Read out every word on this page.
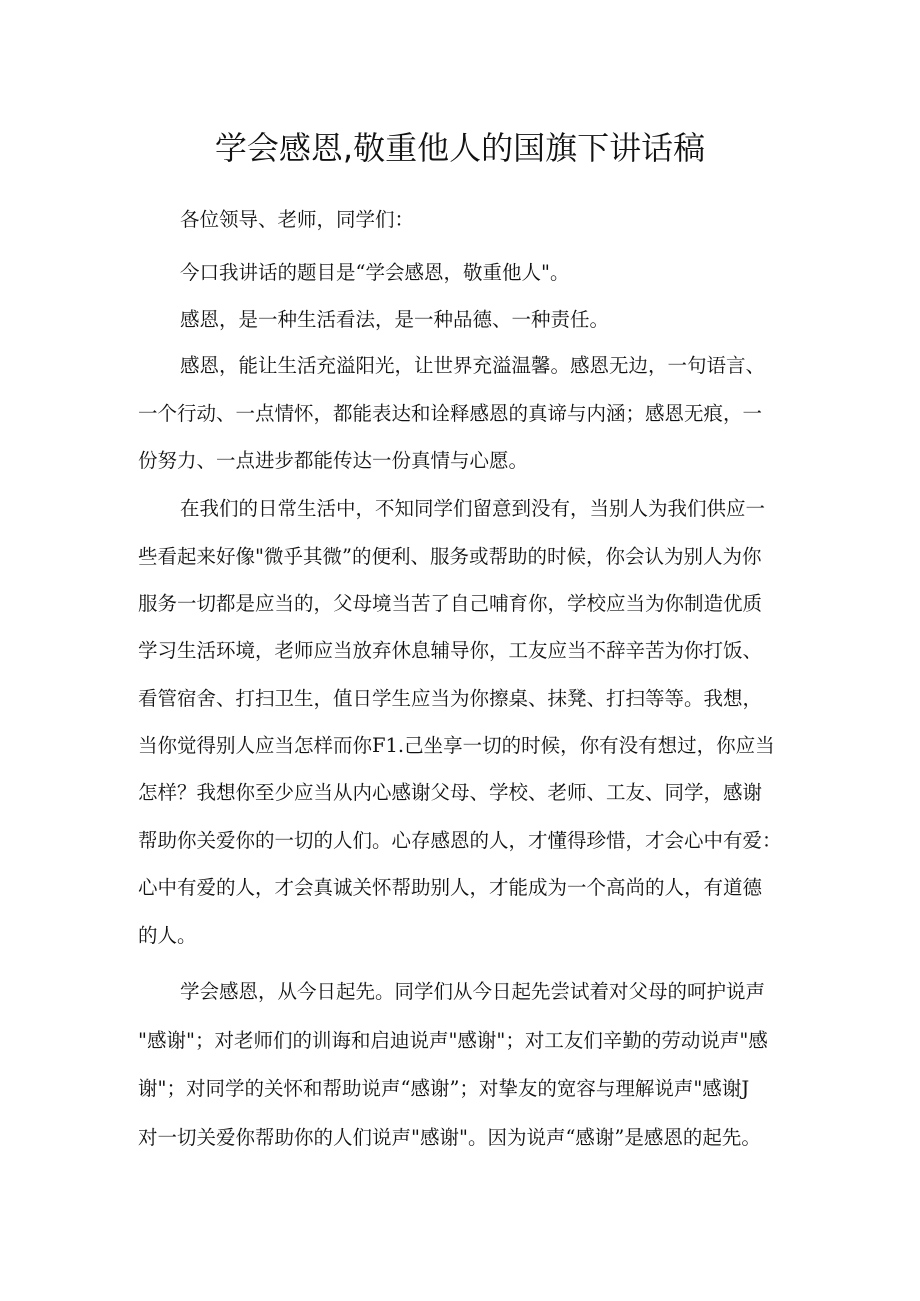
学会感恩,敬重他人的国旗下讲话稿

各位领导、老师，同学们：

今口我讲话的题目是“学会感恩，敬重他人"。

感恩，是一种生活看法，是一种品德、一种责任。

感恩，能让生活充溢阳光，让世界充溢温馨。感恩无边，一句语言、

一个行动、一点情怀，都能表达和诠释感恩的真谛与内涵；感恩无痕，一

份努力、一点进步都能传达一份真情与心愿。

在我们的日常生活中，不知同学们留意到没有，当别人为我们供应一

些看起来好像"微乎其微”的便利、服务或帮助的时候，你会认为别人为你

服务一切都是应当的，父母境当苦了自己哺育你，学校应当为你制造优质

学习生活环境，老师应当放弃休息辅导你，工友应当不辞辛苦为你打饭、

看管宿舍、打扫卫生，值日学生应当为你擦桌、抹凳、打扫等等。我想，

当你觉得别人应当怎样而你F1.己坐享一切的时候，你有没有想过，你应当

怎样？我想你至少应当从内心感谢父母、学校、老师、工友、同学，感谢

帮助你关爱你的一切的人们。心存感恩的人，才懂得珍惜，才会心中有爱：

心中有爱的人，才会真诚关怀帮助别人，才能成为一个高尚的人，有道德

的人。

学会感恩，从今日起先。同学们从今日起先尝试着对父母的呵护说声

"感谢"；对老师们的训诲和启迪说声"感谢"；对工友们辛勤的劳动说声"感

谢"；对同学的关怀和帮助说声“感谢”；对挚友的宽容与理解说声"感谢J

对一切关爱你帮助你的人们说声"感谢"。因为说声“感谢”是感恩的起先。
